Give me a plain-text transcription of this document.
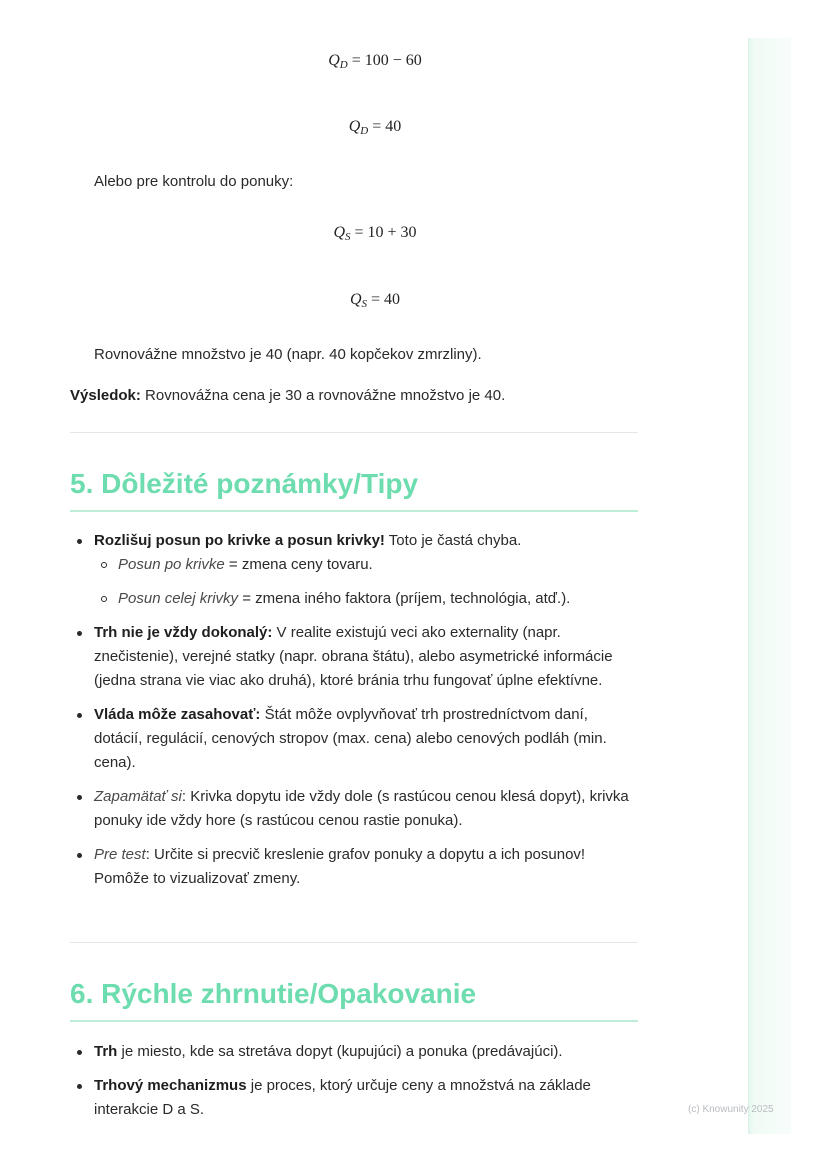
(c) Knowunity 2025
$Q_D = 100 - 60$
$Q_D = 40$
Alebo pre kontrolu do ponuky:
$Q_S = 10 + 30$
$Q_S = 40$
Rovnovážne množstvo je 40 (napr. 40 kopčekov zmrzliny).
Výsledok: Rovnovážna cena je 30 a rovnovážne množstvo je 40.
5. Dôležité poznámky/Tipy
Rozlišuj posun po krivke a posun krivky! Toto je častá chyba.
Posun po krivke = zmena ceny tovaru.
Posun celej krivky = zmena iného faktora (príjem, technológia, atď.).
Trh nie je vždy dokonalý: V realite existujú veci ako externality (napr. znečistenie), verejné statky (napr. obrana štátu), alebo asymetrické informácie (jedna strana vie viac ako druhá), ktoré bránia trhu fungovať úplne efektívne.
Vláda môže zasahovať: Štát môže ovplyvňovať trh prostredníctvom daní, dotácií, regulácií, cenových stropov (max. cena) alebo cenových podláh (min. cena).
Zapamätať si: Krivka dopytu ide vždy dole (s rastúcou cenou klesá dopyt), krivka ponuky ide vždy hore (s rastúcou cenou rastie ponuka).
Pre test: Určite si precvič kreslenie grafov ponuky a dopytu a ich posunov! Pomôže to vizualizovať zmeny.
6. Rýchle zhrnutie/Opakovanie
Trh je miesto, kde sa stretáva dopyt (kupujúci) a ponuka (predávajúci).
Trhový mechanizmus je proces, ktorý určuje ceny a množstvá na základe interakcie D a S.
